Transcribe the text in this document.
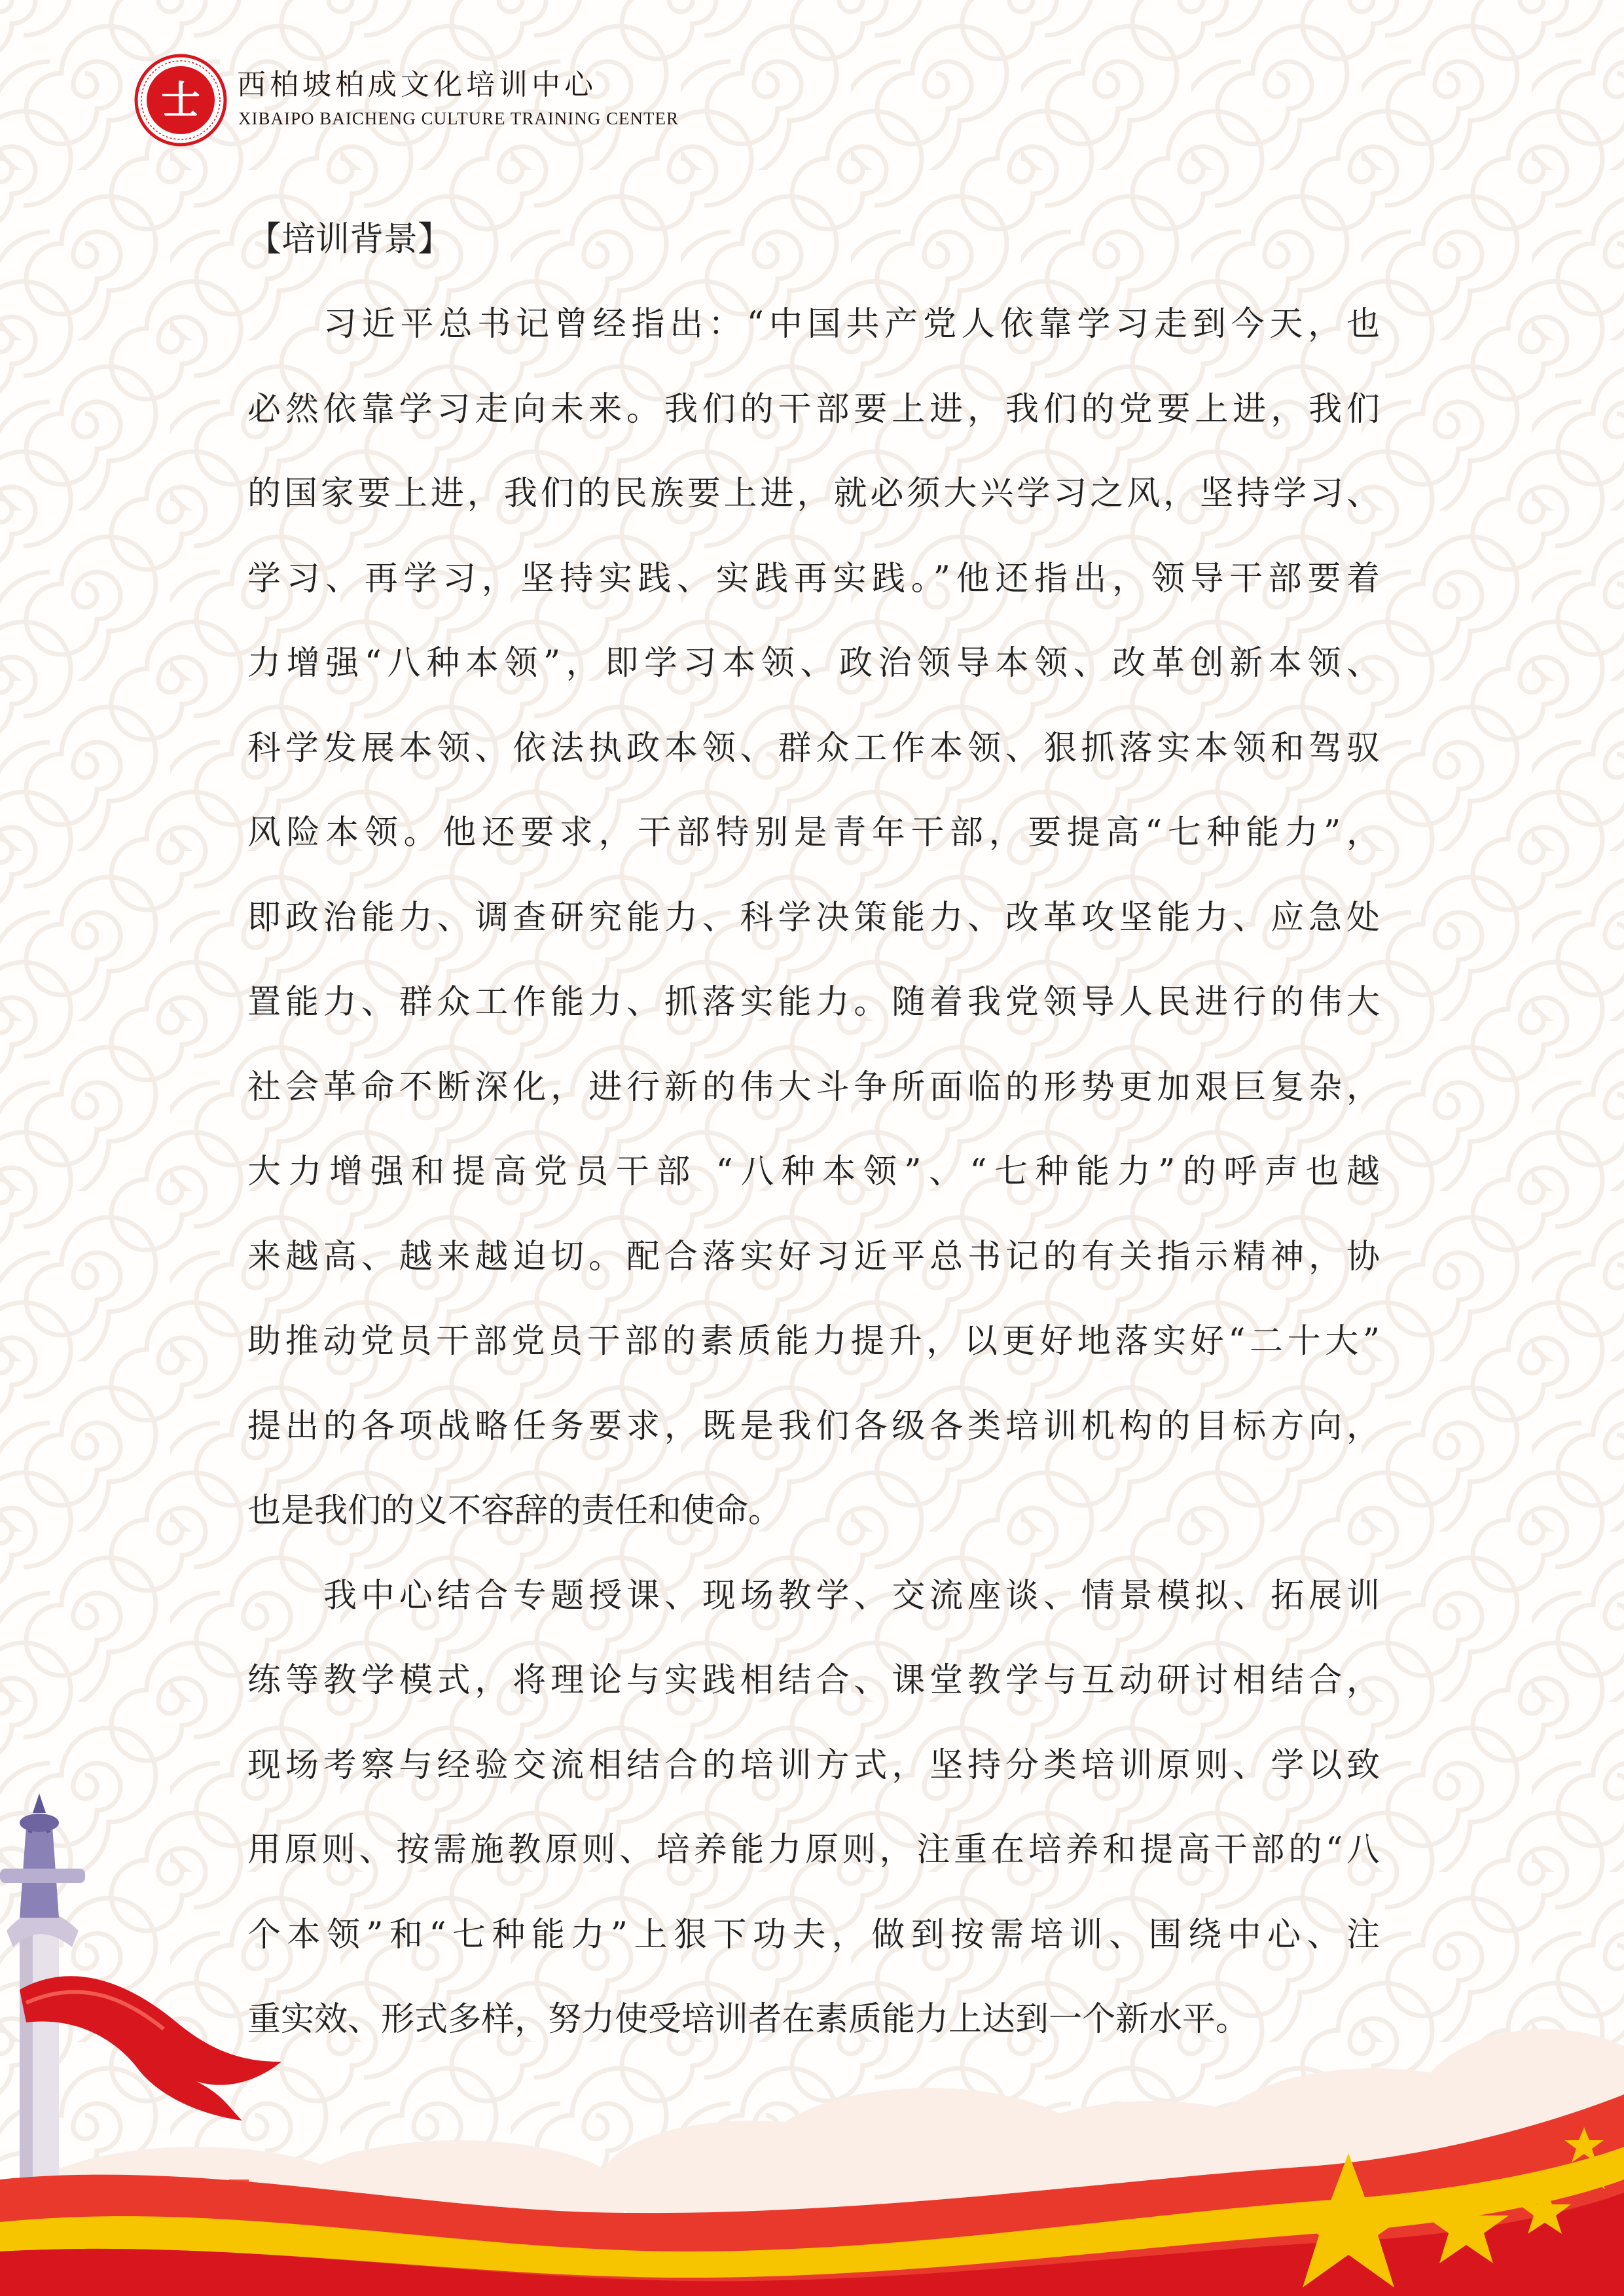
士 西柏坡柏成文化培训中心
XIBAIPO BAICHENG CULTURE TRAINING CENTER
【培训背景】
习近平总书记曾经指出：“中国共产党人依靠学习走到今天，也
必然依靠学习走向未来。我们的干部要上进，我们的党要上进，我们
的国家要上进，我们的民族要上进，就必须大兴学习之风，坚持学习、
学习、再学习，坚持实践、实践再实践。”他还指出，领导干部要着
力增强“八种本领”，即学习本领、政治领导本领、改革创新本领、
科学发展本领、依法执政本领、群众工作本领、狠抓落实本领和驾驭
风险本领。他还要求，干部特别是青年干部，要提高“七种能力”，
即政治能力、调查研究能力、科学决策能力、改革攻坚能力、应急处
置能力、群众工作能力、抓落实能力。随着我党领导人民进行的伟大
社会革命不断深化，进行新的伟大斗争所面临的形势更加艰巨复杂，
大力增强和提高党员干部 “八种本领”、“七种能力”的呼声也越
来越高、越来越迫切。配合落实好习近平总书记的有关指示精神，协
助推动党员干部党员干部的素质能力提升，以更好地落实好“二十大”
提出的各项战略任务要求，既是我们各级各类培训机构的目标方向，
也是我们的义不容辞的责任和使命。
我中心结合专题授课、现场教学、交流座谈、情景模拟、拓展训
练等教学模式，将理论与实践相结合、课堂教学与互动研讨相结合，
现场考察与经验交流相结合的培训方式，坚持分类培训原则、学以致
用原则、按需施教原则、培养能力原则，注重在培养和提高干部的“八
个本领”和“七种能力”上狠下功夫，做到按需培训、围绕中心、注
重实效、形式多样，努力使受培训者在素质能力上达到一个新水平。
